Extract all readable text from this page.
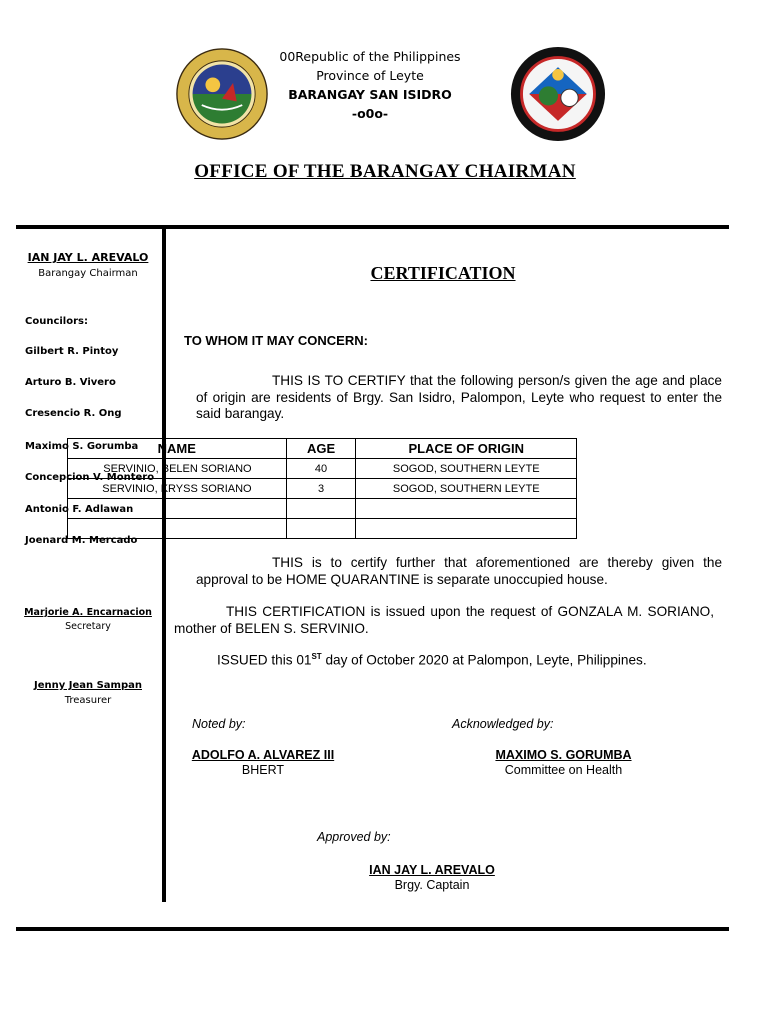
00Republic of the Philippines
Province of Leyte
BARANGAY SAN ISIDRO
-o0o-
OFFICE OF THE BARANGAY CHAIRMAN
IAN JAY L. AREVALO
Barangay Chairman
Councilors:
Gilbert R. Pintoy
Arturo B. Vivero
Cresencio R. Ong
Maximo S. Gorumba
Concepcion V. Montero
Antonio F. Adlawan
Joenard M. Mercado
Marjorie A. Encarnacion
Secretary
Jenny Jean Sampan
Treasurer
CERTIFICATION
TO WHOM IT MAY CONCERN:
THIS IS TO CERTIFY that the following person/s given the age and place of origin are residents of Brgy. San Isidro, Palompon, Leyte who request to enter the said barangay.
NAME	AGE	PLACE OF ORIGIN
SERVINIO, BELEN SORIANO	40	SOGOD, SOUTHERN LEYTE
SERVINIO, KRYSS SORIANO	3	SOGOD, SOUTHERN LEYTE

THIS is to certify further that aforementioned are thereby given the approval to be HOME QUARANTINE is separate unoccupied house.
THIS CERTIFICATION is issued upon the request of GONZALA M. SORIANO, mother of BELEN S. SERVINIO.
ISSUED this 01ST day of October 2020 at Palompon, Leyte, Philippines.
Noted by:	Acknowledged by:
ADOLFO A. ALVAREZ III
BHERT
MAXIMO S. GORUMBA
Committee on Health
Approved by:
IAN JAY L. AREVALO
Brgy. Captain
